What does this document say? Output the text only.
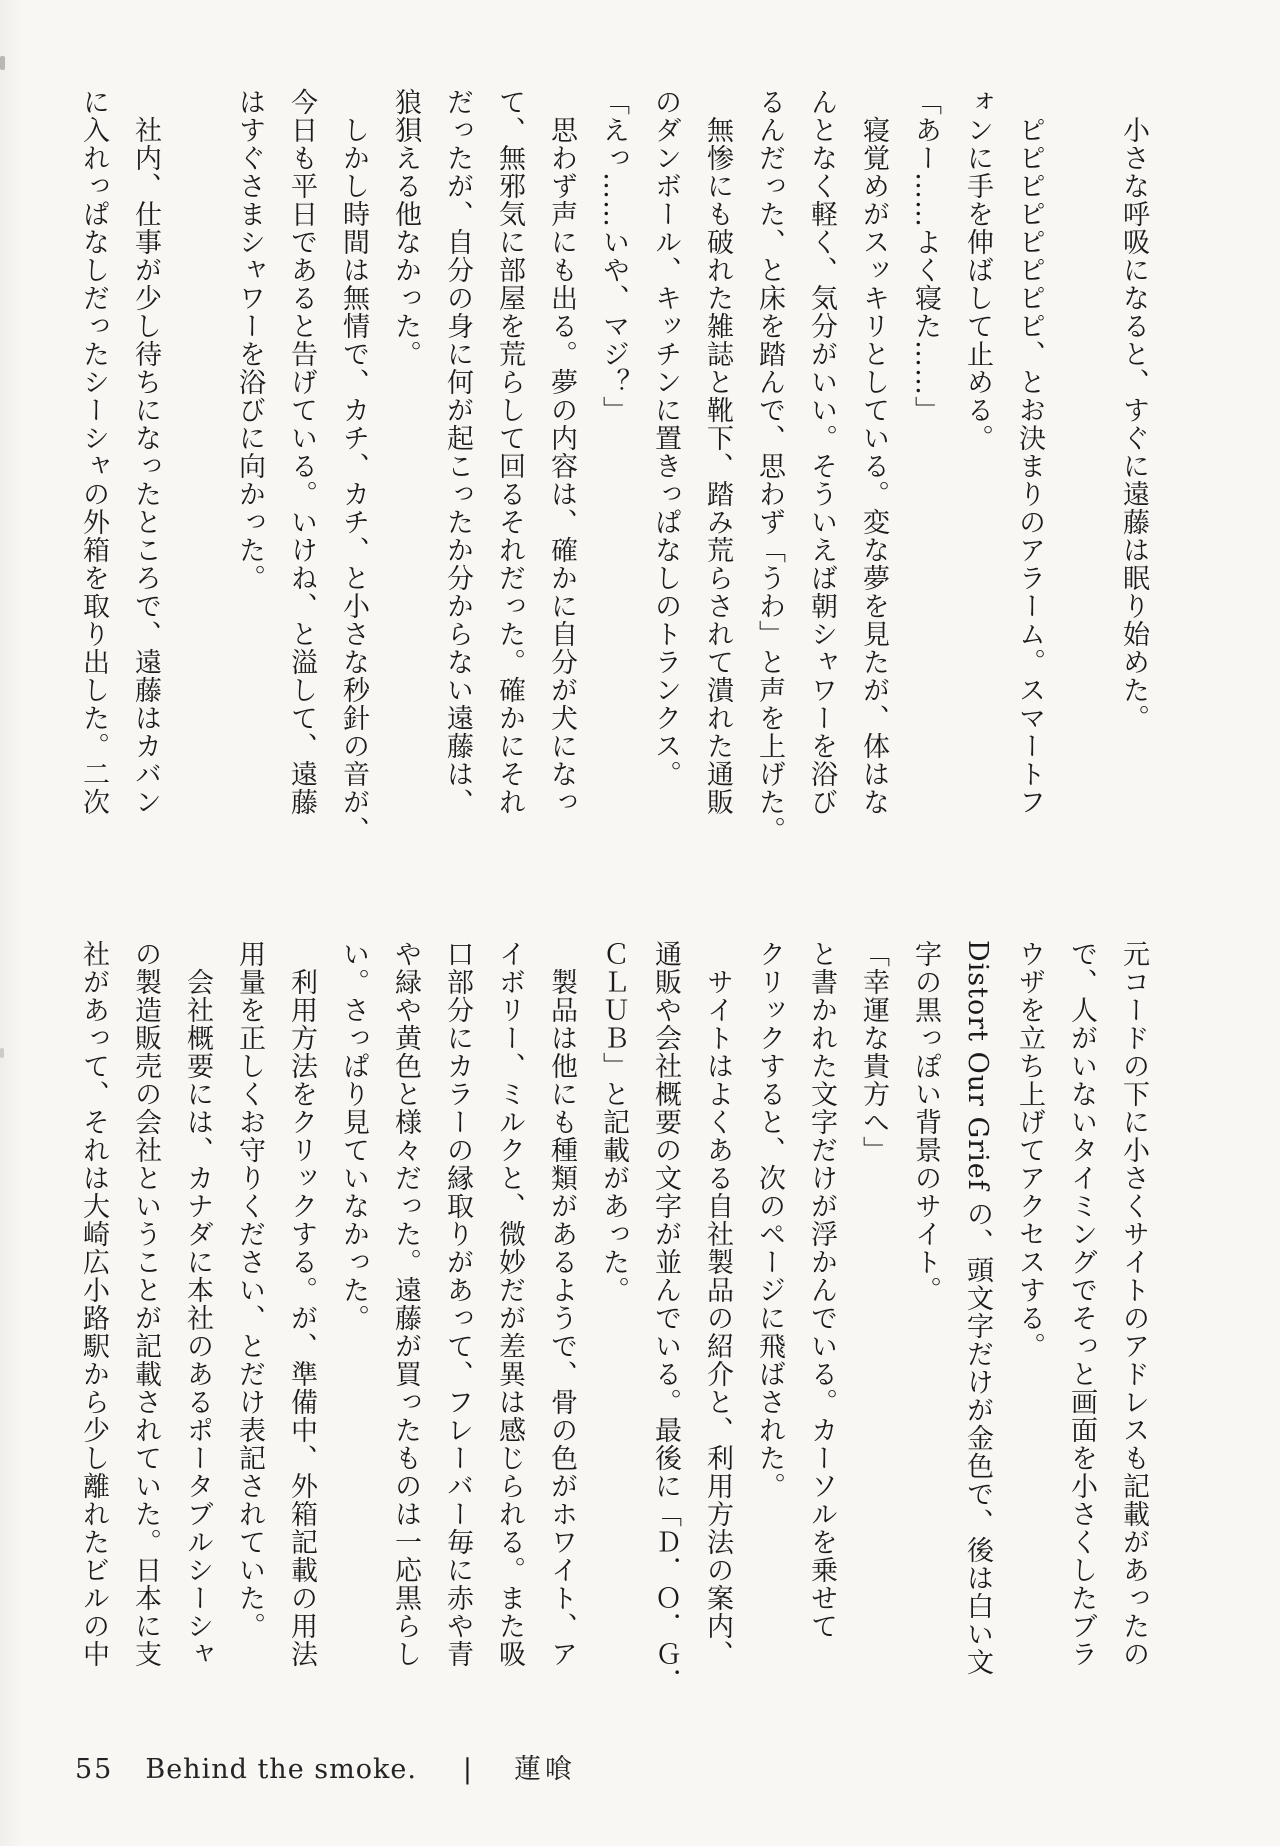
　小さな呼吸になると、すぐに遠藤は眠り始めた。

　ピピピピピピピピ、とお決まりのアラーム。スマートフ

ォンに手を伸ばして止める。

「あー……よく寝た……」

　寝覚めがスッキリとしている。変な夢を見たが、体はな

んとなく軽く、気分がいい。そういえば朝シャワーを浴び

るんだった、と床を踏んで、思わず「うわ」と声を上げた。

　無惨にも破れた雑誌と靴下、踏み荒らされて潰れた通販

のダンボール、キッチンに置きっぱなしのトランクス。

「えっ……いや、マジ？」

　思わず声にも出る。夢の内容は、確かに自分が犬になっ

て、無邪気に部屋を荒らして回るそれだった。確かにそれ

だったが、自分の身に何が起こったか分からない遠藤は、

狼狽える他なかった。

　しかし時間は無情で、カチ、カチ、と小さな秒針の音が、

今日も平日であると告げている。いけね、と溢して、遠藤

はすぐさまシャワーを浴びに向かった。

　社内、仕事が少し待ちになったところで、遠藤はカバン

に入れっぱなしだったシーシャの外箱を取り出した。二次

元コードの下に小さくサイトのアドレスも記載があったの

で、人がいないタイミングでそっと画面を小さくしたブラ

ウザを立ち上げてアクセスする。

Distort Our Grief の、頭文字だけが金色で、後は白い文

字の黒っぽい背景のサイト。

「幸運な貴方へ」

と書かれた文字だけが浮かんでいる。カーソルを乗せて

クリックすると、次のページに飛ばされた。

　サイトはよくある自社製品の紹介と、利用方法の案内、

通販や会社概要の文字が並んでいる。最後に「Ｄ．Ｏ．Ｇ．

ＣＬＵＢ」と記載があった。

　製品は他にも種類があるようで、骨の色がホワイト、ア

イボリー、ミルクと、微妙だが差異は感じられる。また吸

口部分にカラーの縁取りがあって、フレーバー毎に赤や青

や緑や黄色と様々だった。遠藤が買ったものは一応黒らし

い。さっぱり見ていなかった。

　利用方法をクリックする。が、準備中、外箱記載の用法

用量を正しくお守りください、とだけ表記されていた。

　会社概要には、カナダに本社のあるポータブルシーシャ

の製造販売の会社ということが記載されていた。日本に支

社があって、それは大崎広小路駅から少し離れたビルの中

55 Behind the smoke. | 蓮喰
